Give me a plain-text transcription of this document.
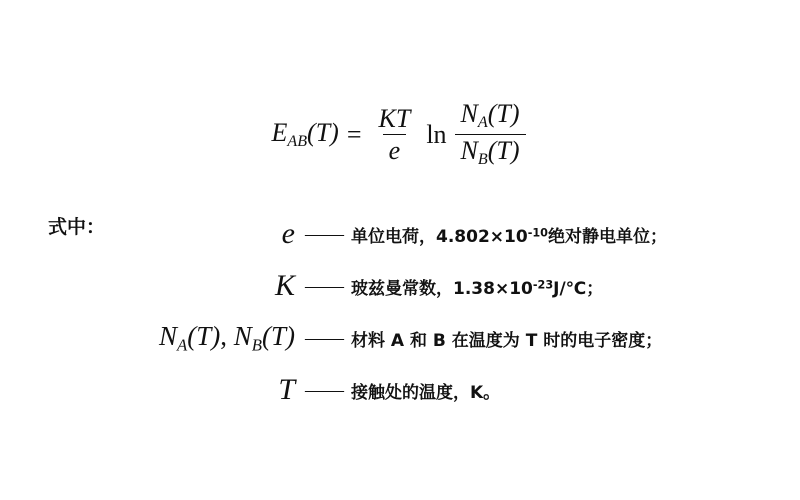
$E_{AB}(T) = \frac{KT}{e}$ $\ln \frac{N_A(T)}{N_B(T)}$
式中：	e —— 单位电荷，$4.802\times 10^{-10}$绝对静电单位；
K —— 玻兹曼常数，$1.38\times 10^{-23}J/℃$；
$N_A(T)$, $N_B(T)$ —— 材料 A 和 B 在温度为 T 时的电子密度；
T —— 接触处的温度，K。
